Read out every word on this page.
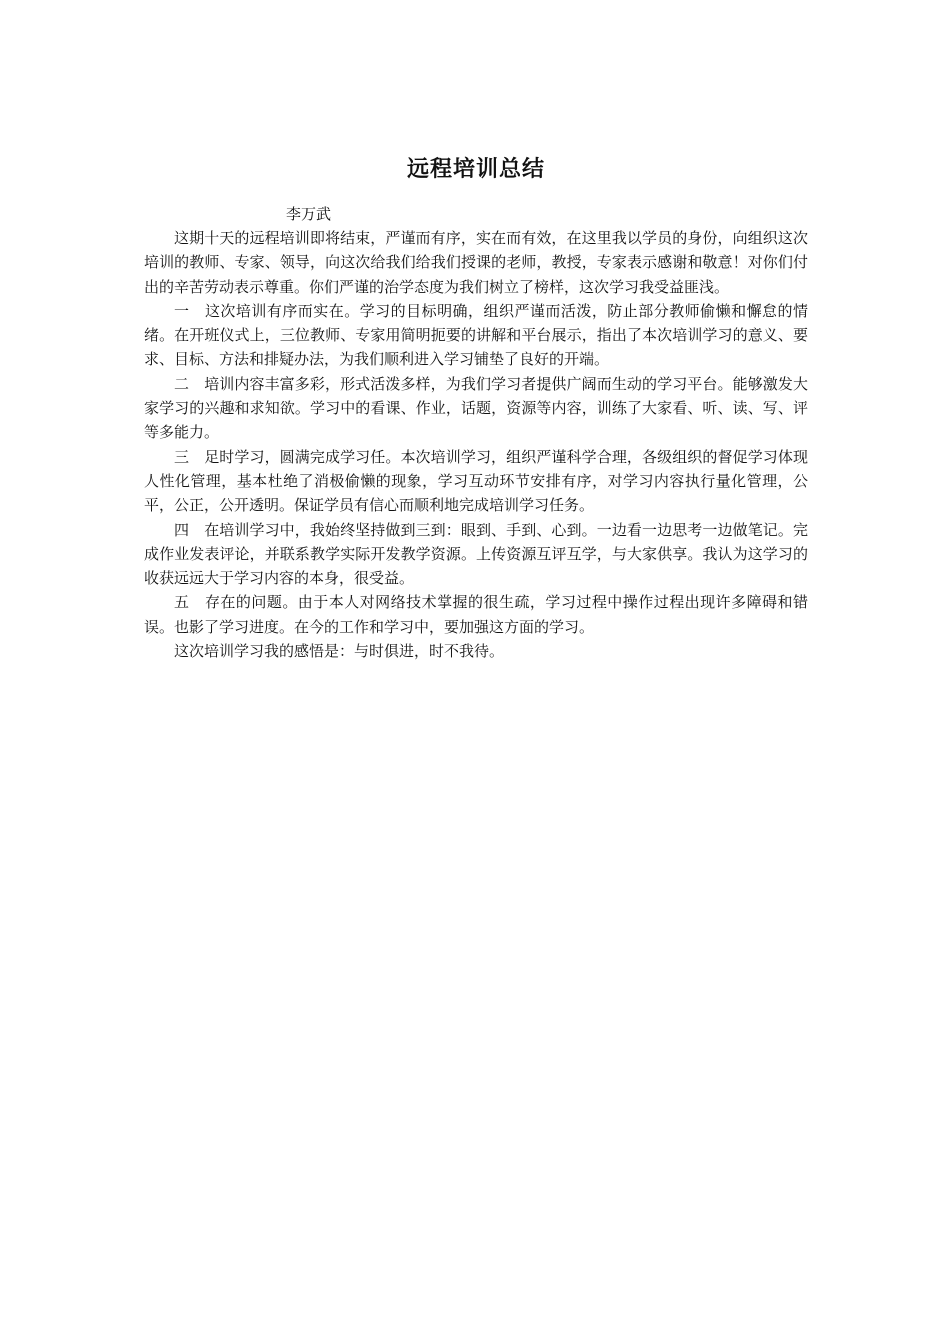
远程培训总结
李万武

这期十天的远程培训即将结束，严谨而有序，实在而有效，在这里我以学员的身份，向组织这次培训的教师、专家、领导，向这次给我们给我们授课的老师，教授，专家表示感谢和敬意！对你们付出的辛苦劳动表示尊重。你们严谨的治学态度为我们树立了榜样，这次学习我受益匪浅。

一　这次培训有序而实在。学习的目标明确，组织严谨而活泼，防止部分教师偷懒和懈怠的情绪。在开班仪式上，三位教师、专家用简明扼要的讲解和平台展示，指出了本次培训学习的意义、要求、目标、方法和排疑办法，为我们顺利进入学习铺垫了良好的开端。

二　培训内容丰富多彩，形式活泼多样，为我们学习者提供广阔而生动的学习平台。能够激发大家学习的兴趣和求知欲。学习中的看课、作业，话题，资源等内容，训练了大家看、听、读、写、评等多能力。

三　足时学习，圆满完成学习任。本次培训学习，组织严谨科学合理，各级组织的督促学习体现人性化管理，基本杜绝了消极偷懒的现象，学习互动环节安排有序，对学习内容执行量化管理，公平，公正，公开透明。保证学员有信心而顺利地完成培训学习任务。

四　在培训学习中，我始终坚持做到三到：眼到、手到、心到。一边看一边思考一边做笔记。完成作业发表评论，并联系教学实际开发教学资源。上传资源互评互学，与大家供享。我认为这学习的收获远远大于学习内容的本身，很受益。

五　存在的问题。由于本人对网络技术掌握的很生疏，学习过程中操作过程出现许多障碍和错误。也影了学习进度。在今的工作和学习中，要加强这方面的学习。

这次培训学习我的感悟是：与时俱进，时不我待。
